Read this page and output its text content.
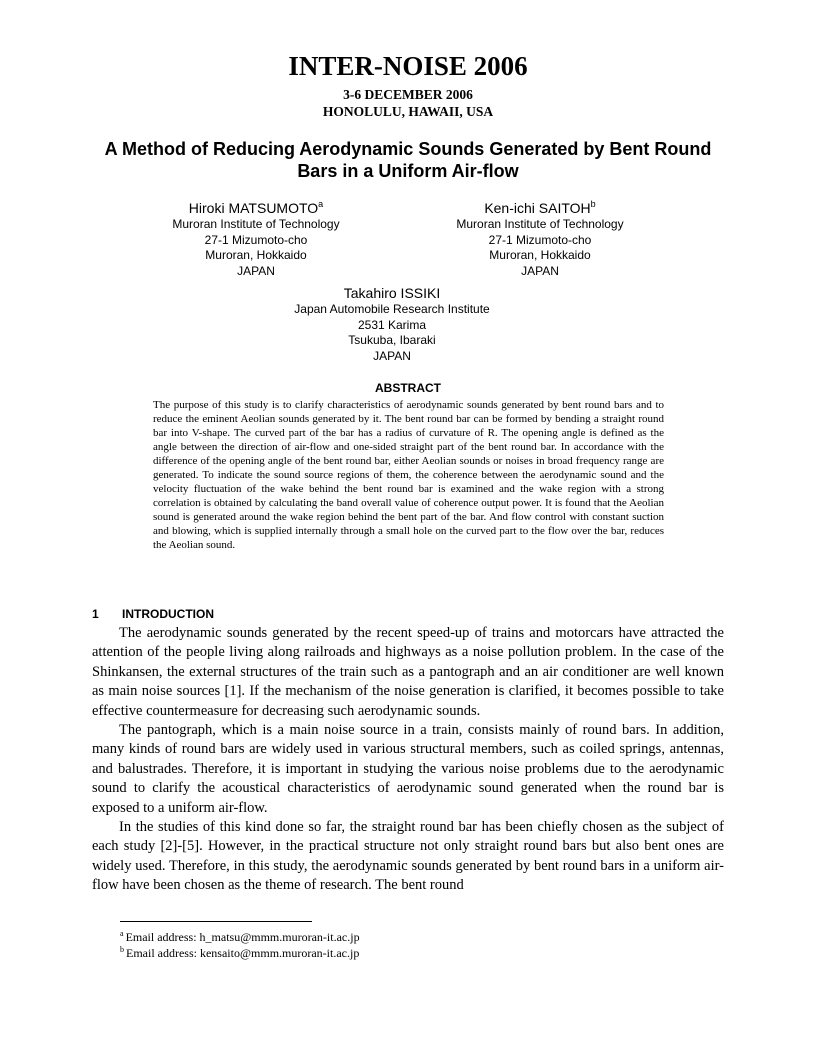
INTER-NOISE 2006
3-6 DECEMBER 2006
HONOLULU, HAWAII, USA
A Method of Reducing Aerodynamic Sounds Generated by Bent Round Bars in a Uniform Air-flow
Hiroki MATSUMOTO$^a$
Muroran Institute of Technology
27-1 Mizumoto-cho
Muroran, Hokkaido
JAPAN
Ken-ichi SAITOH$^b$
Muroran Institute of Technology
27-1 Mizumoto-cho
Muroran, Hokkaido
JAPAN
Takahiro ISSIKI
Japan Automobile Research Institute
2531 Karima
Tsukuba, Ibaraki
JAPAN
ABSTRACT

The purpose of this study is to clarify characteristics of aerodynamic sounds generated by bent round bars and to reduce the eminent Aeolian sounds generated by it. The bent round bar can be formed by bending a straight round bar into V-shape. The curved part of the bar has a radius of curvature of R. The opening angle is defined as the angle between the direction of air-flow and one-sided straight part of the bent round bar. In accordance with the difference of the opening angle of the bent round bar, either Aeolian sounds or noises in broad frequency range are generated. To indicate the sound source regions of them, the coherence between the aerodynamic sound and the velocity fluctuation of the wake behind the bent round bar is examined and the wake region with a strong correlation is obtained by calculating the band overall value of coherence output power. It is found that the Aeolian sound is generated around the wake region behind the bent part of the bar. And flow control with constant suction and blowing, which is supplied internally through a small hole on the curved part to the flow over the bar, reduces the Aeolian sound.

1 INTRODUCTION

The aerodynamic sounds generated by the recent speed-up of trains and motorcars have attracted the attention of the people living along railroads and highways as a noise pollution problem. In the case of the Shinkansen, the external structures of the train such as a pantograph and an air conditioner are well known as main noise sources [1]. If the mechanism of the noise generation is clarified, it becomes possible to take effective countermeasure for decreasing such aerodynamic sounds.

The pantograph, which is a main noise source in a train, consists mainly of round bars. In addition, many kinds of round bars are widely used in various structural members, such as coiled springs, antennas, and balustrades. Therefore, it is important in studying the various noise problems due to the aerodynamic sound to clarify the acoustical characteristics of aerodynamic sound generated when the round bar is exposed to a uniform air-flow.

In the studies of this kind done so far, the straight round bar has been chiefly chosen as the subject of each study [2]-[5]. However, in the practical structure not only straight round bars but also bent ones are widely used. Therefore, in this study, the aerodynamic sounds generated by bent round bars in a uniform air-flow have been chosen as the theme of research. The bent round

$^a$ Email address: h_matsu@mmm.muroran-it.ac.jp
$^b$ Email address: kensaito@mmm.muroran-it.ac.jp
